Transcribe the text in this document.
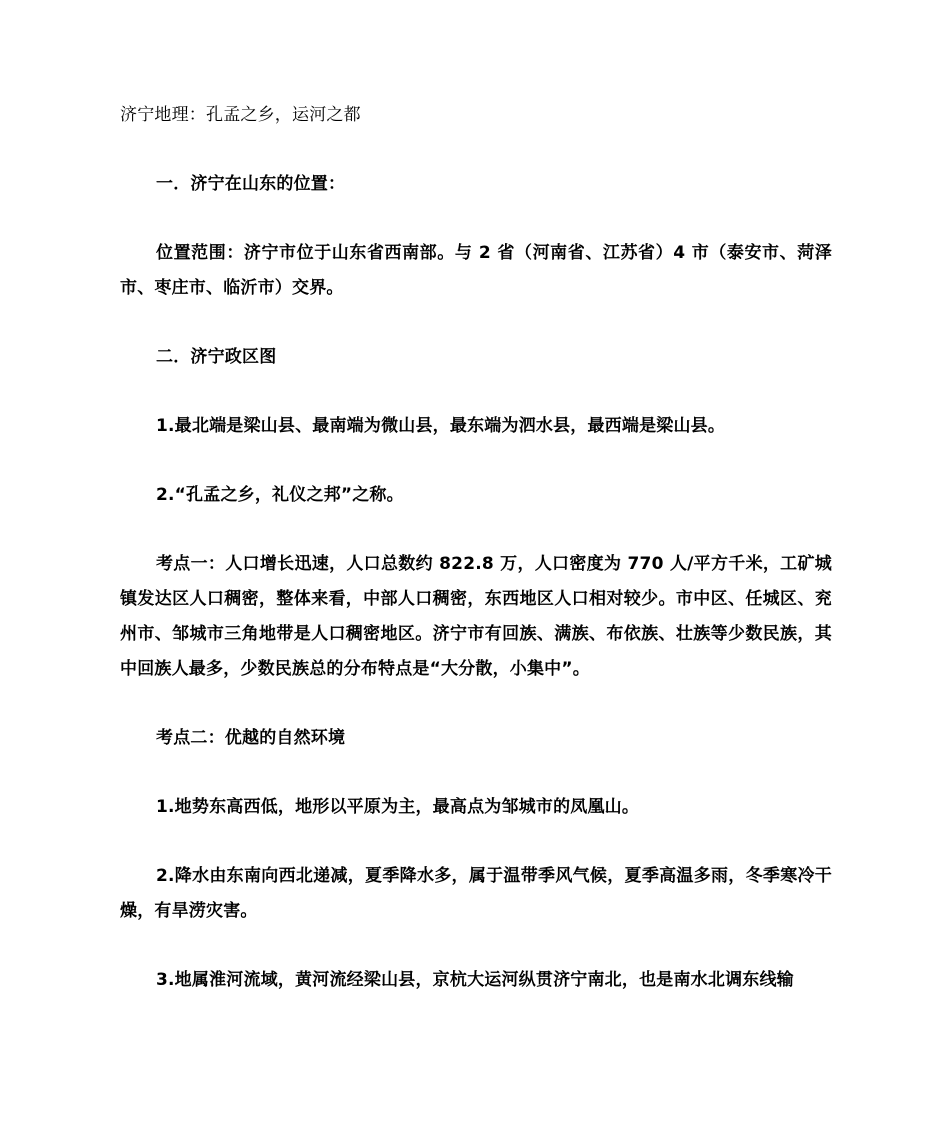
济宁地理：孔孟之乡，运河之都

一．济宁在山东的位置：

位置范围：济宁市位于山东省西南部。与 2 省（河南省、江苏省）4 市（泰安市、菏泽市、枣庄市、临沂市）交界。

二．济宁政区图

1.最北端是梁山县、最南端为微山县，最东端为泗水县，最西端是梁山县。

2.“孔孟之乡，礼仪之邦”之称。

考点一：人口增长迅速，人口总数约 822.8 万，人口密度为 770 人/平方千米，工矿城镇发达区人口稠密，整体来看，中部人口稠密，东西地区人口相对较少。市中区、任城区、兖州市、邹城市三角地带是人口稠密地区。济宁市有回族、满族、布依族、壮族等少数民族，其中回族人最多，少数民族总的分布特点是“大分散，小集中”。

考点二：优越的自然环境

1.地势东高西低，地形以平原为主，最高点为邹城市的凤凰山。

2.降水由东南向西北递减，夏季降水多，属于温带季风气候，夏季高温多雨，冬季寒冷干燥，有旱涝灾害。

3.地属淮河流域，黄河流经梁山县，京杭大运河纵贯济宁南北，也是南水北调东线输
